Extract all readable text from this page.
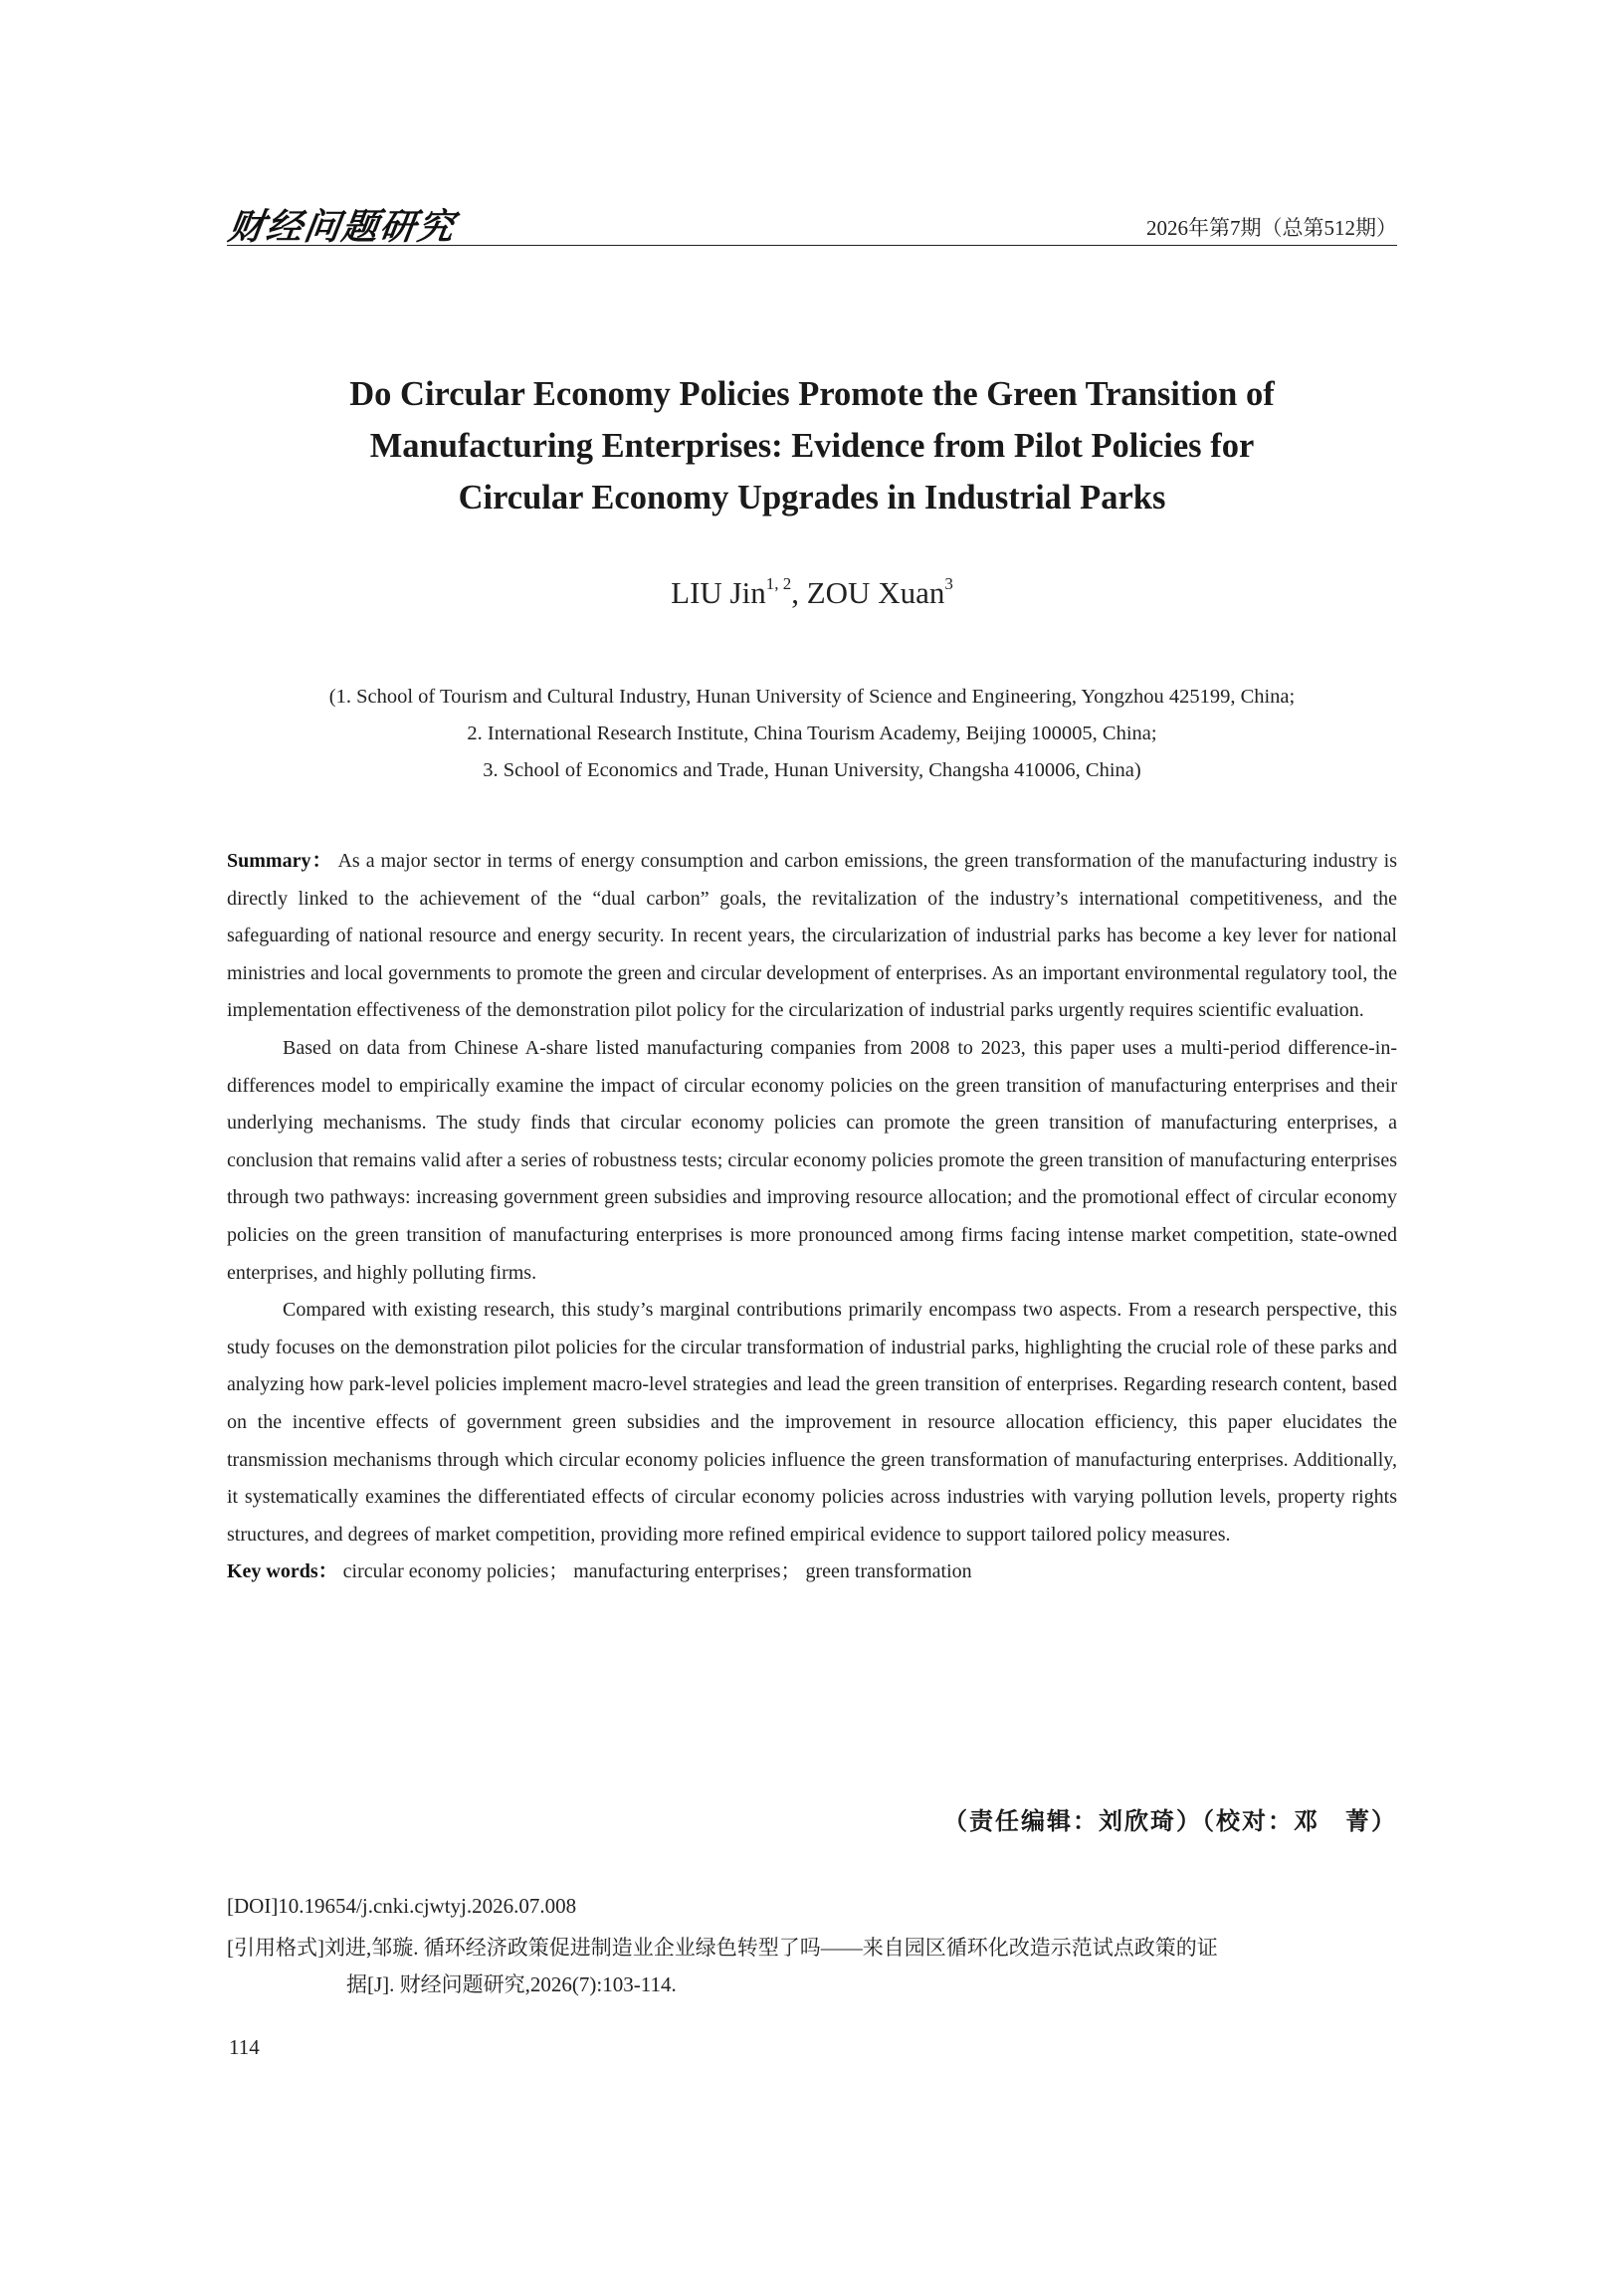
财经问题研究	2026年第7期（总第512期）
Do Circular Economy Policies Promote the Green Transition of
Manufacturing Enterprises: Evidence from Pilot Policies for
Circular Economy Upgrades in Industrial Parks
LIU Jin$^{1, 2}$, ZOU Xuan$^3$
(1. School of Tourism and Cultural Industry, Hunan University of Science and Engineering, Yongzhou 425199, China;
2. International Research Institute, China Tourism Academy, Beijing 100005, China;
3. School of Economics and Trade, Hunan University, Changsha 410006, China)

Summary： As a major sector in terms of energy consumption and carbon emissions, the green transformation of the manufacturing industry is directly linked to the achievement of the “dual carbon” goals, the revitalization of the industry’s international competitiveness, and the safeguarding of national resource and energy security. In recent years, the circularization of industrial parks has become a key lever for national ministries and local governments to promote the green and circular development of enterprises. As an important environmental regulatory tool, the implementation effectiveness of the demonstration pilot policy for the circularization of industrial parks urgently requires scientific evaluation.

Based on data from Chinese A-share listed manufacturing companies from 2008 to 2023, this paper uses a multi-period difference-in-differences model to empirically examine the impact of circular economy policies on the green transition of manufacturing enterprises and their underlying mechanisms. The study finds that circular economy policies can promote the green transition of manufacturing enterprises, a conclusion that remains valid after a series of robustness tests; circular economy policies promote the green transition of manufacturing enterprises through two pathways: increasing government green subsidies and improving resource allocation; and the promotional effect of circular economy policies on the green transition of manufacturing enterprises is more pronounced among firms facing intense market competition, state-owned enterprises, and highly polluting firms.

Compared with existing research, this study’s marginal contributions primarily encompass two aspects. From a research perspective, this study focuses on the demonstration pilot policies for the circular transformation of industrial parks, highlighting the crucial role of these parks and analyzing how park-level policies implement macro-level strategies and lead the green transition of enterprises. Regarding research content, based on the incentive effects of government green subsidies and the improvement in resource allocation efficiency, this paper elucidates the transmission mechanisms through which circular economy policies influence the green transformation of manufacturing enterprises. Additionally, it systematically examines the differentiated effects of circular economy policies across industries with varying pollution levels, property rights structures, and degrees of market competition, providing more refined empirical evidence to support tailored policy measures.

Key words： circular economy policies； manufacturing enterprises； green transformation

（责任编辑：刘欣琦）（校对：邓　菁）
[DOI]10.19654/j.cnki.cjwtyj.2026.07.008
[引用格式]刘进,邹璇. 循环经济政策促进制造业企业绿色转型了吗——来自园区循环化改造示范试点政策的证
据[J]. 财经问题研究,2026(7):103-114.
114
